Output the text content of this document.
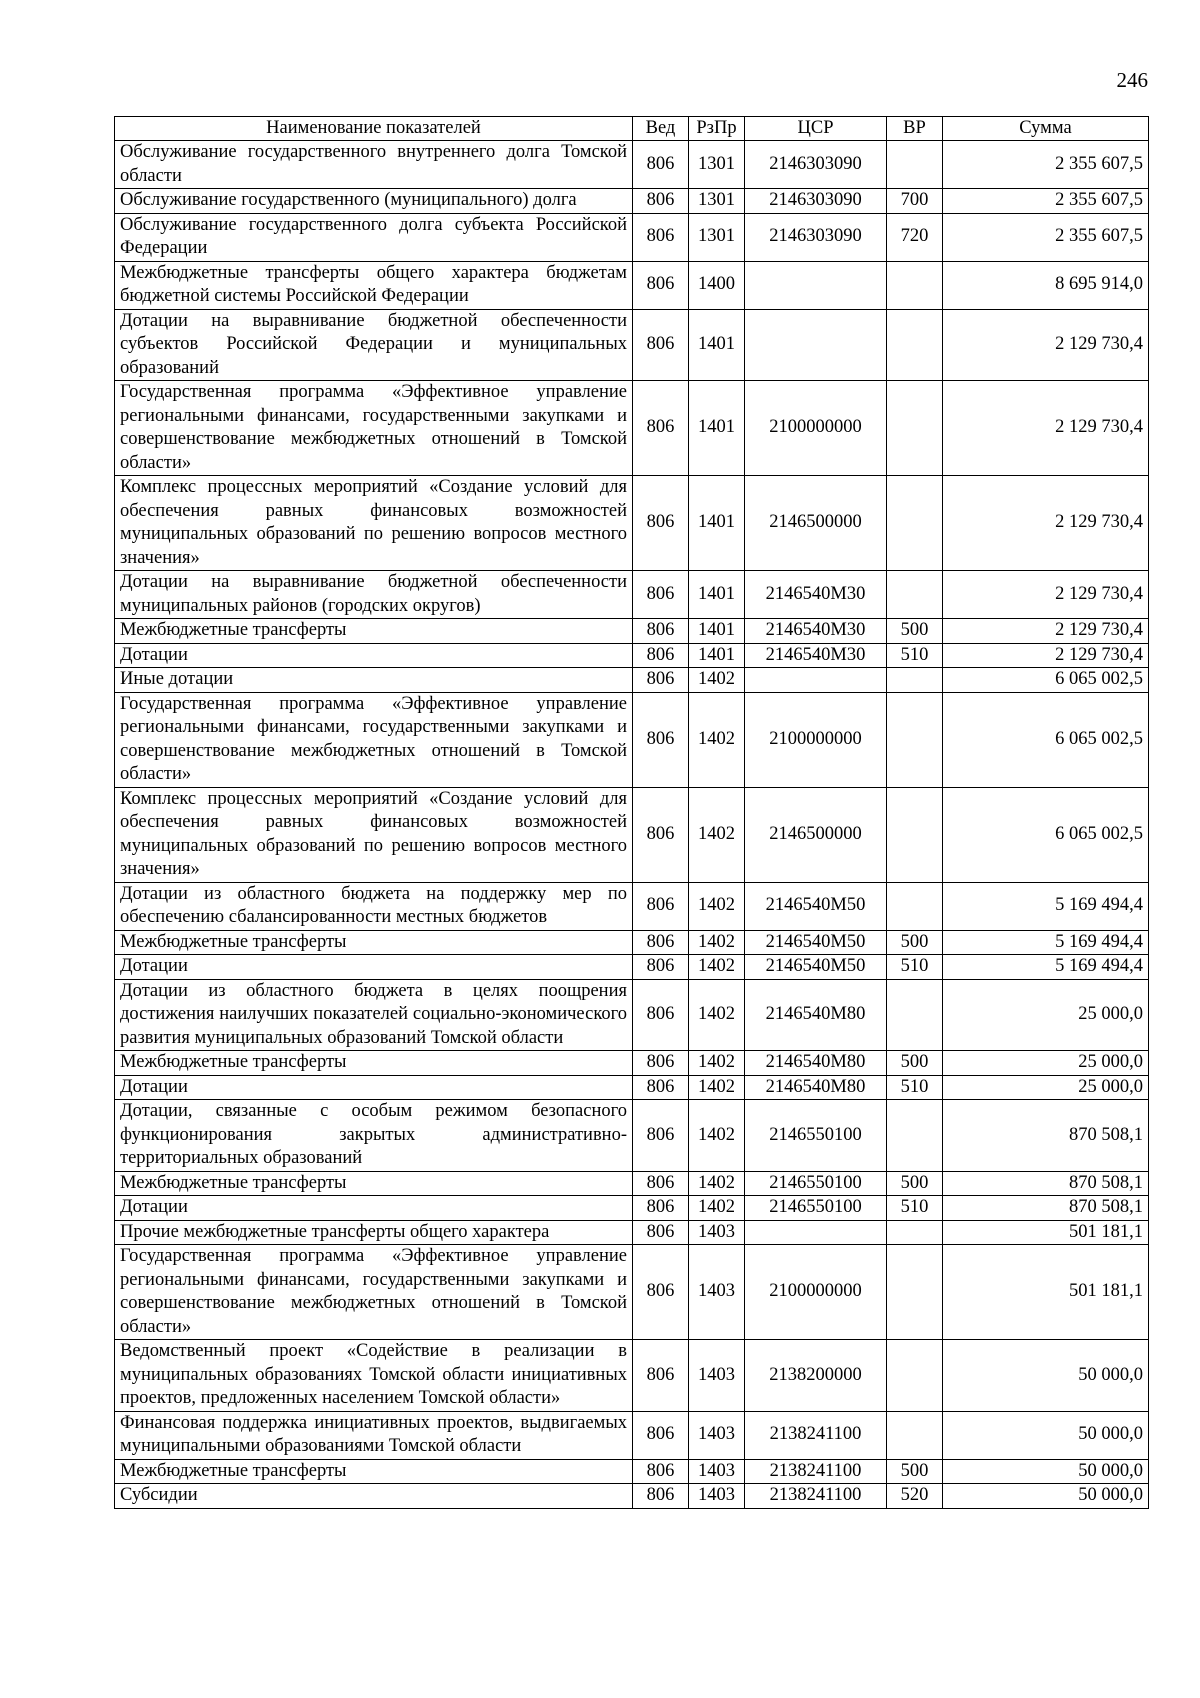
246
Наименование показателей	Вед	РзПр	ЦСР	ВР	Сумма
Обслуживание государственного внутреннего долга Томской области	806	1301	2146303090		2 355 607,5
Обслуживание государственного (муниципального) долга	806	1301	2146303090	700	2 355 607,5
Обслуживание государственного долга субъекта Российской Федерации	806	1301	2146303090	720	2 355 607,5
Межбюджетные трансферты общего характера бюджетам бюджетной системы Российской Федерации	806	1400			8 695 914,0
Дотации на выравнивание бюджетной обеспеченности субъектов Российской Федерации и муниципальных образований	806	1401			2 129 730,4
Государственная программа «Эффективное управление региональными финансами, государственными закупками и совершенствование межбюджетных отношений в Томской области»	806	1401	2100000000		2 129 730,4
Комплекс процессных мероприятий «Создание условий для обеспечения равных финансовых возможностей муниципальных образований по решению вопросов местного значения»	806	1401	2146500000		2 129 730,4
Дотации на выравнивание бюджетной обеспеченности муниципальных районов (городских округов)	806	1401	2146540М30		2 129 730,4
Межбюджетные трансферты	806	1401	2146540М30	500	2 129 730,4
Дотации	806	1401	2146540М30	510	2 129 730,4
Иные дотации	806	1402			6 065 002,5
Государственная программа «Эффективное управление региональными финансами, государственными закупками и совершенствование межбюджетных отношений в Томской области»	806	1402	2100000000		6 065 002,5
Комплекс процессных мероприятий «Создание условий для обеспечения равных финансовых возможностей муниципальных образований по решению вопросов местного значения»	806	1402	2146500000		6 065 002,5
Дотации из областного бюджета на поддержку мер по обеспечению сбалансированности местных бюджетов	806	1402	2146540М50		5 169 494,4
Межбюджетные трансферты	806	1402	2146540М50	500	5 169 494,4
Дотации	806	1402	2146540М50	510	5 169 494,4
Дотации из областного бюджета в целях поощрения достижения наилучших показателей социально-экономического развития муниципальных образований Томской области	806	1402	2146540М80		25 000,0
Межбюджетные трансферты	806	1402	2146540М80	500	25 000,0
Дотации	806	1402	2146540М80	510	25 000,0
Дотации, связанные с особым режимом безопасного функционирования закрытых административно-территориальных образований	806	1402	2146550100		870 508,1
Межбюджетные трансферты	806	1402	2146550100	500	870 508,1
Дотации	806	1402	2146550100	510	870 508,1
Прочие межбюджетные трансферты общего характера	806	1403			501 181,1
Государственная программа «Эффективное управление региональными финансами, государственными закупками и совершенствование межбюджетных отношений в Томской области»	806	1403	2100000000		501 181,1
Ведомственный проект «Содействие в реализации в муниципальных образованиях Томской области инициативных проектов, предложенных населением Томской области»	806	1403	2138200000		50 000,0
Финансовая поддержка инициативных проектов, выдвигаемых муниципальными образованиями Томской области	806	1403	2138241100		50 000,0
Межбюджетные трансферты	806	1403	2138241100	500	50 000,0
Субсидии	806	1403	2138241100	520	50 000,0
